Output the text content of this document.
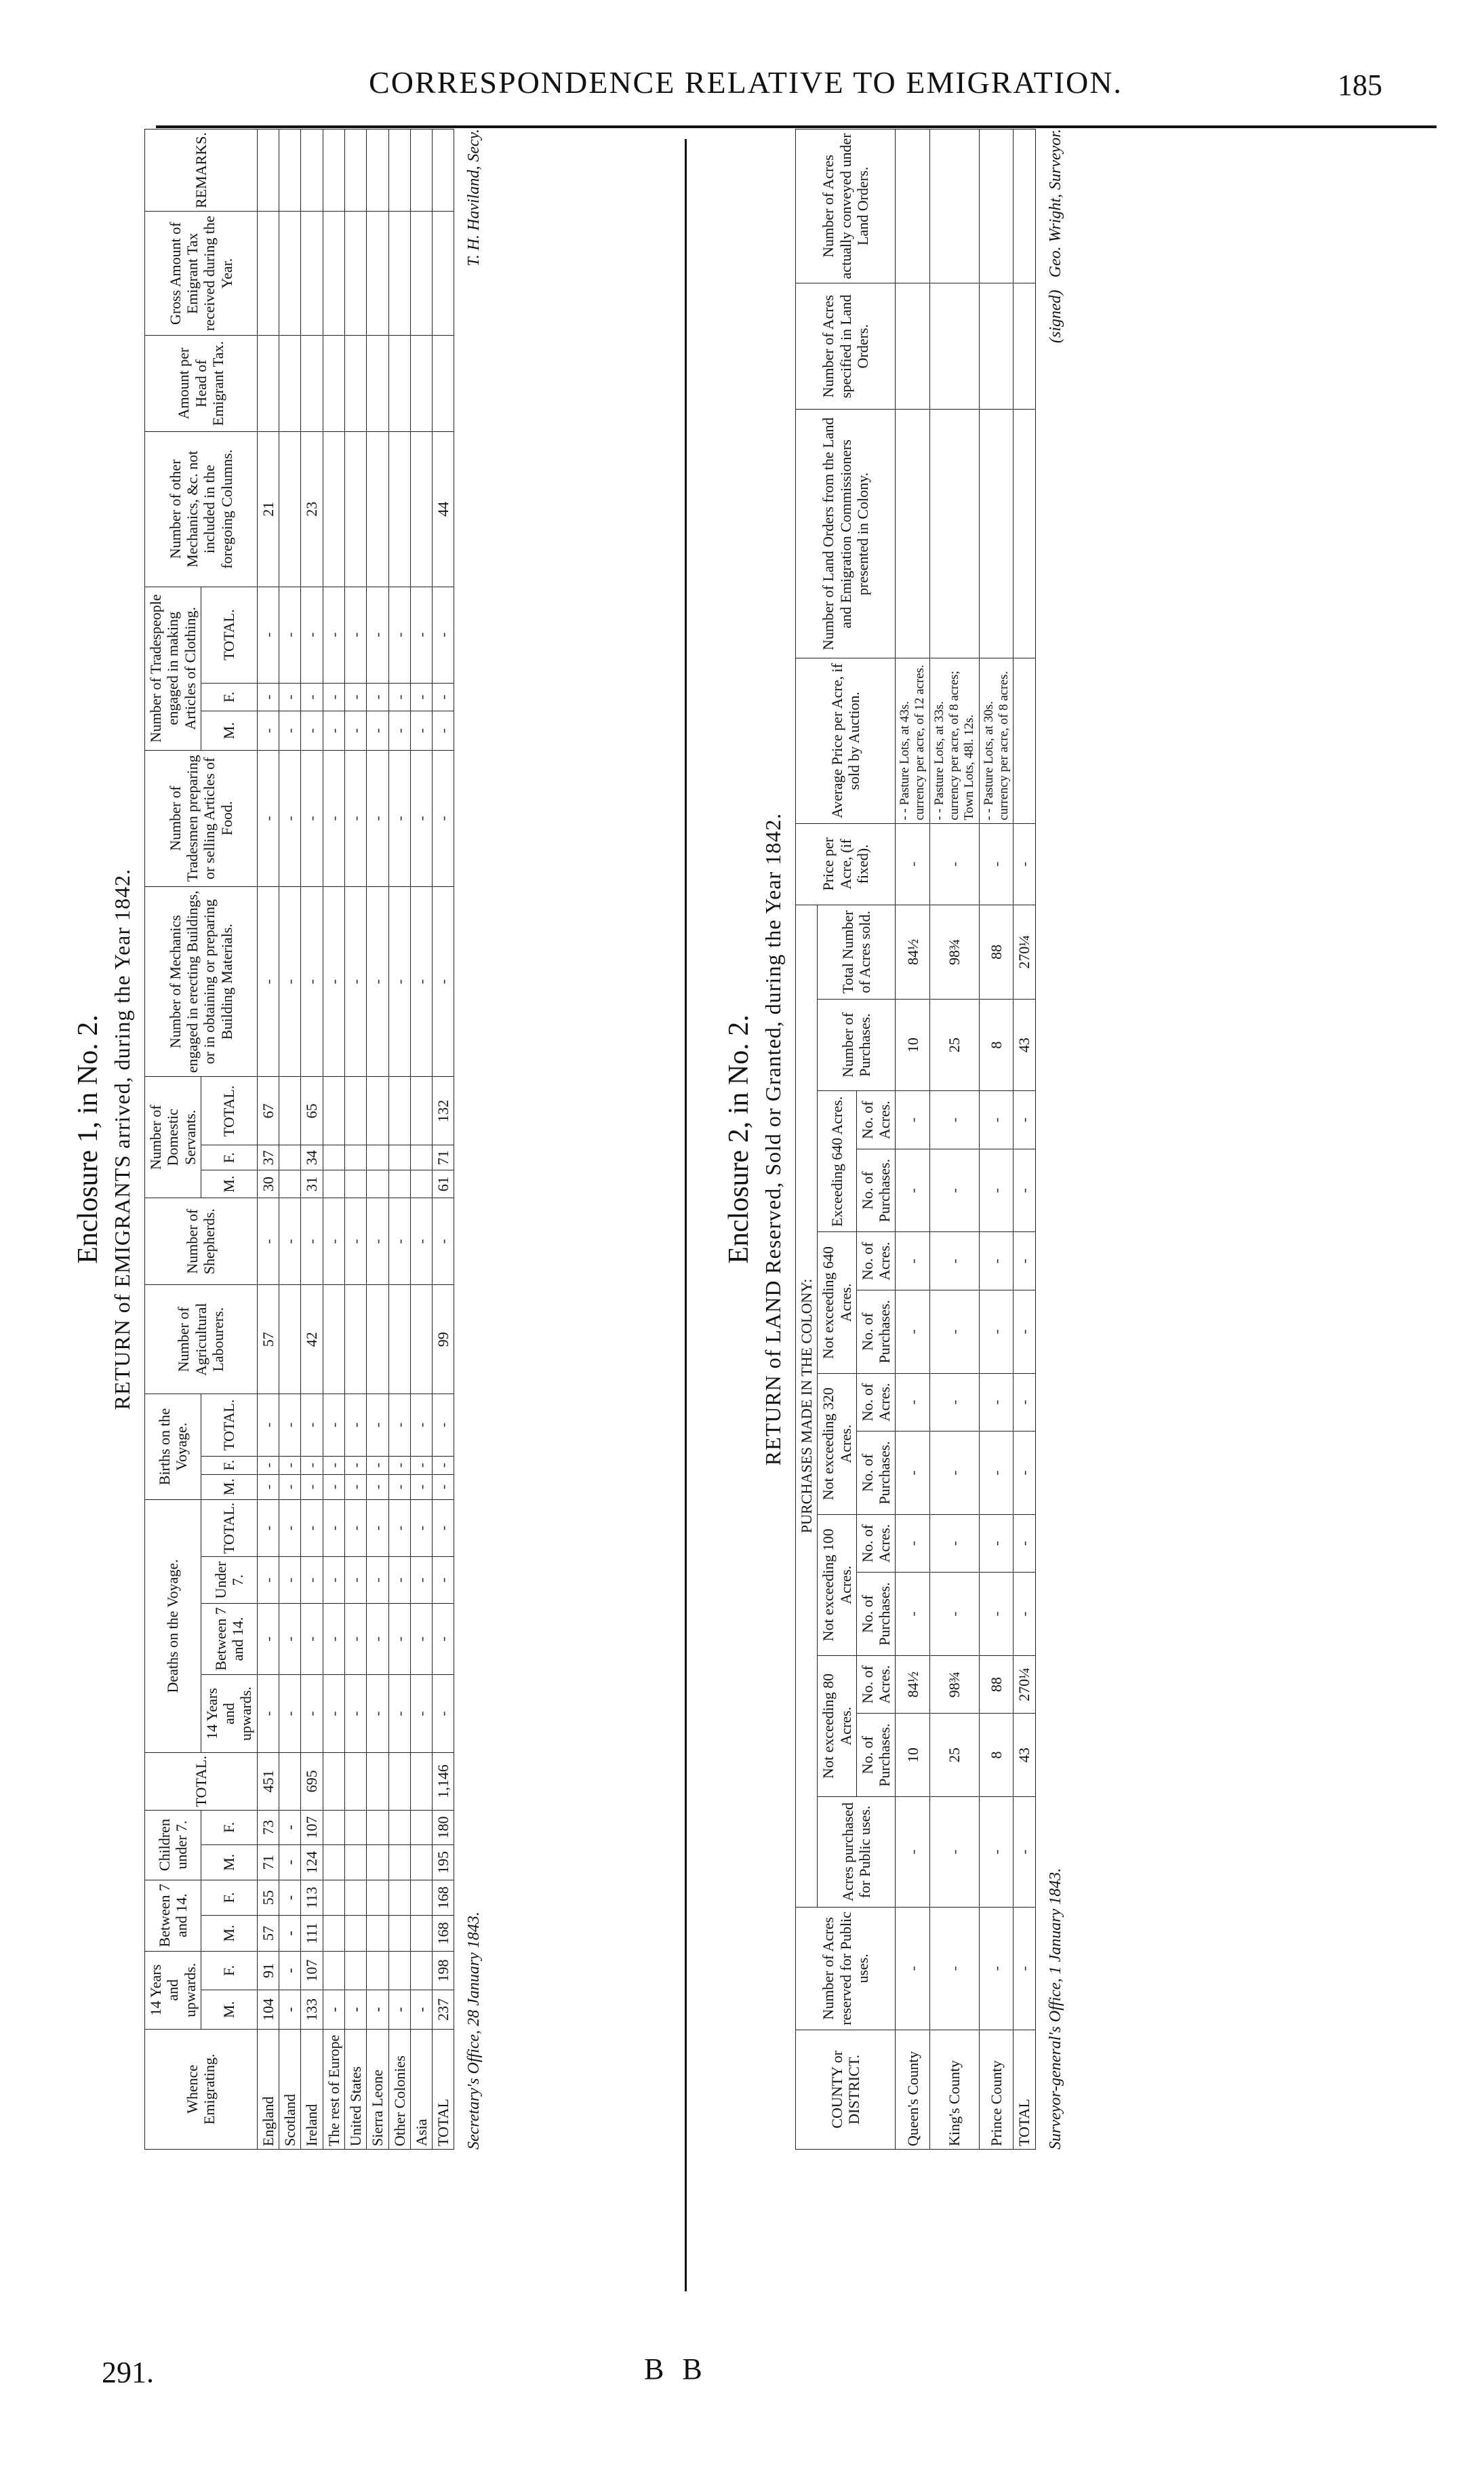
CORRESPONDENCE RELATIVE TO EMIGRATION.	185
Enclosure 1, in No. 2. RETURN of EMIGRANTS arrived, during the Year 1842.
Whence Emigrating.	14 Years and upwards.		Between 7 and 14.		Children under 7.		TOTAL.	Deaths on the Voyage.				Births on the Voyage.			Number of Agricultural Labourers.	Number of Shepherds.	Number of Domestic Servants.			Number of Mechanics engaged in erecting Buildings, or in obtaining or preparing Building Materials.	Number of Tradesmen preparing or selling Articles of Food.	Number of Tradespeople engaged in making Articles of Clothing.			Number of other Mechanics, &c. not included in the foregoing Columns.	Amount per Head of Emigrant Tax.	Gross Amount of Emigrant Tax received during the Year.	REMARKS.
	M.	F.	M.	F.	M.	F.		14 Years and upwards.	Between 7 and 14.	Under 7.	TOTAL.	M.	F.	TOTAL.			M.	F.	TOTAL.			M.	F.	TOTAL.				
England	104	91	57	55	71	73	451	-	-	-	-	-	-	-	57	-	30	37	67	-	-	-	-	-	21			
Scotland	-	-	-	-	-	-		-	-	-	-	-	-	-		-				-	-	-	-	-				
Ireland	133	107	111	113	124	107	695	-	-	-	-	-	-	-	42	-	31	34	65	-	-	-	-	-	23			
The rest of Europe	-							-	-	-	-	-	-	-		-				-	-	-	-	-				
United States	-							-	-	-	-	-	-	-		-				-	-	-	-	-				
Sierra Leone	-							-	-	-	-	-	-	-		-				-	-	-	-	-				
Other Colonies	-							-	-	-	-	-	-	-		-				-	-	-	-	-				
Asia	-							-	-	-	-	-	-	-		-				-	-	-	-	-				
TOTAL	237	198	168	168	195	180	1,146	-	-	-	-	-	-	-	99	-	61	71	132	-	-	-	-	-	44			
Secretary's Office, 28 January 1843.
T. H. Haviland, Secy.
Enclosure 2, in No. 2. RETURN of LAND Reserved, Sold or Granted, during the Year 1842.
COUNTY or DISTRICT.	Number of Acres reserved for Public uses.	PURCHASES MADE IN THE COLONY:													Price per Acre, (if fixed).	Average Price per Acre, if sold by Auction.	Number of Land Orders from the Land and Emigration Commissioners presented in Colony.	Number of Acres specified in Land Orders.	Number of Acres actually conveyed under Land Orders.
		Acres purchased for Public uses.	Not exceeding 80 Acres.		Not exceeding 100 Acres.		Not exceeding 320 Acres.		Not exceeding 640 Acres.		Exceeding 640 Acres.		Number of Purchases.	Total Number of Acres sold.					
			No. of Purchases.	No. of Acres.	No. of Purchases.	No. of Acres.	No. of Purchases.	No. of Acres.	No. of Purchases.	No. of Acres.	No. of Purchases.	No. of Acres.							
Queen's County	-	-	10	84½	-	-	-	-	-	-	-	-	10	84½	-	- - Pasture Lots, at 43s. currency per acre, of 12 acres.			
King's County	-	-	25	98¾	-	-	-	-	-	-	-	-	25	98¾	-	- - Pasture Lots, at 33s. currency per acre, of 8 acres; Town Lots, 48l. 12s.			
Prince County	-	-	8	88	-	-	-	-	-	-	-	-	8	88	-	- - Pasture Lots, at 30s. currency per acre, of 8 acres.			
TOTAL	-	-	43	270¼	-	-	-	-	-	-	-	-	43	270¼	-				
Surveyor-general's Office, 1 January 1843.
(signed)   Geo. Wright, Surveyor.
291.	B B
